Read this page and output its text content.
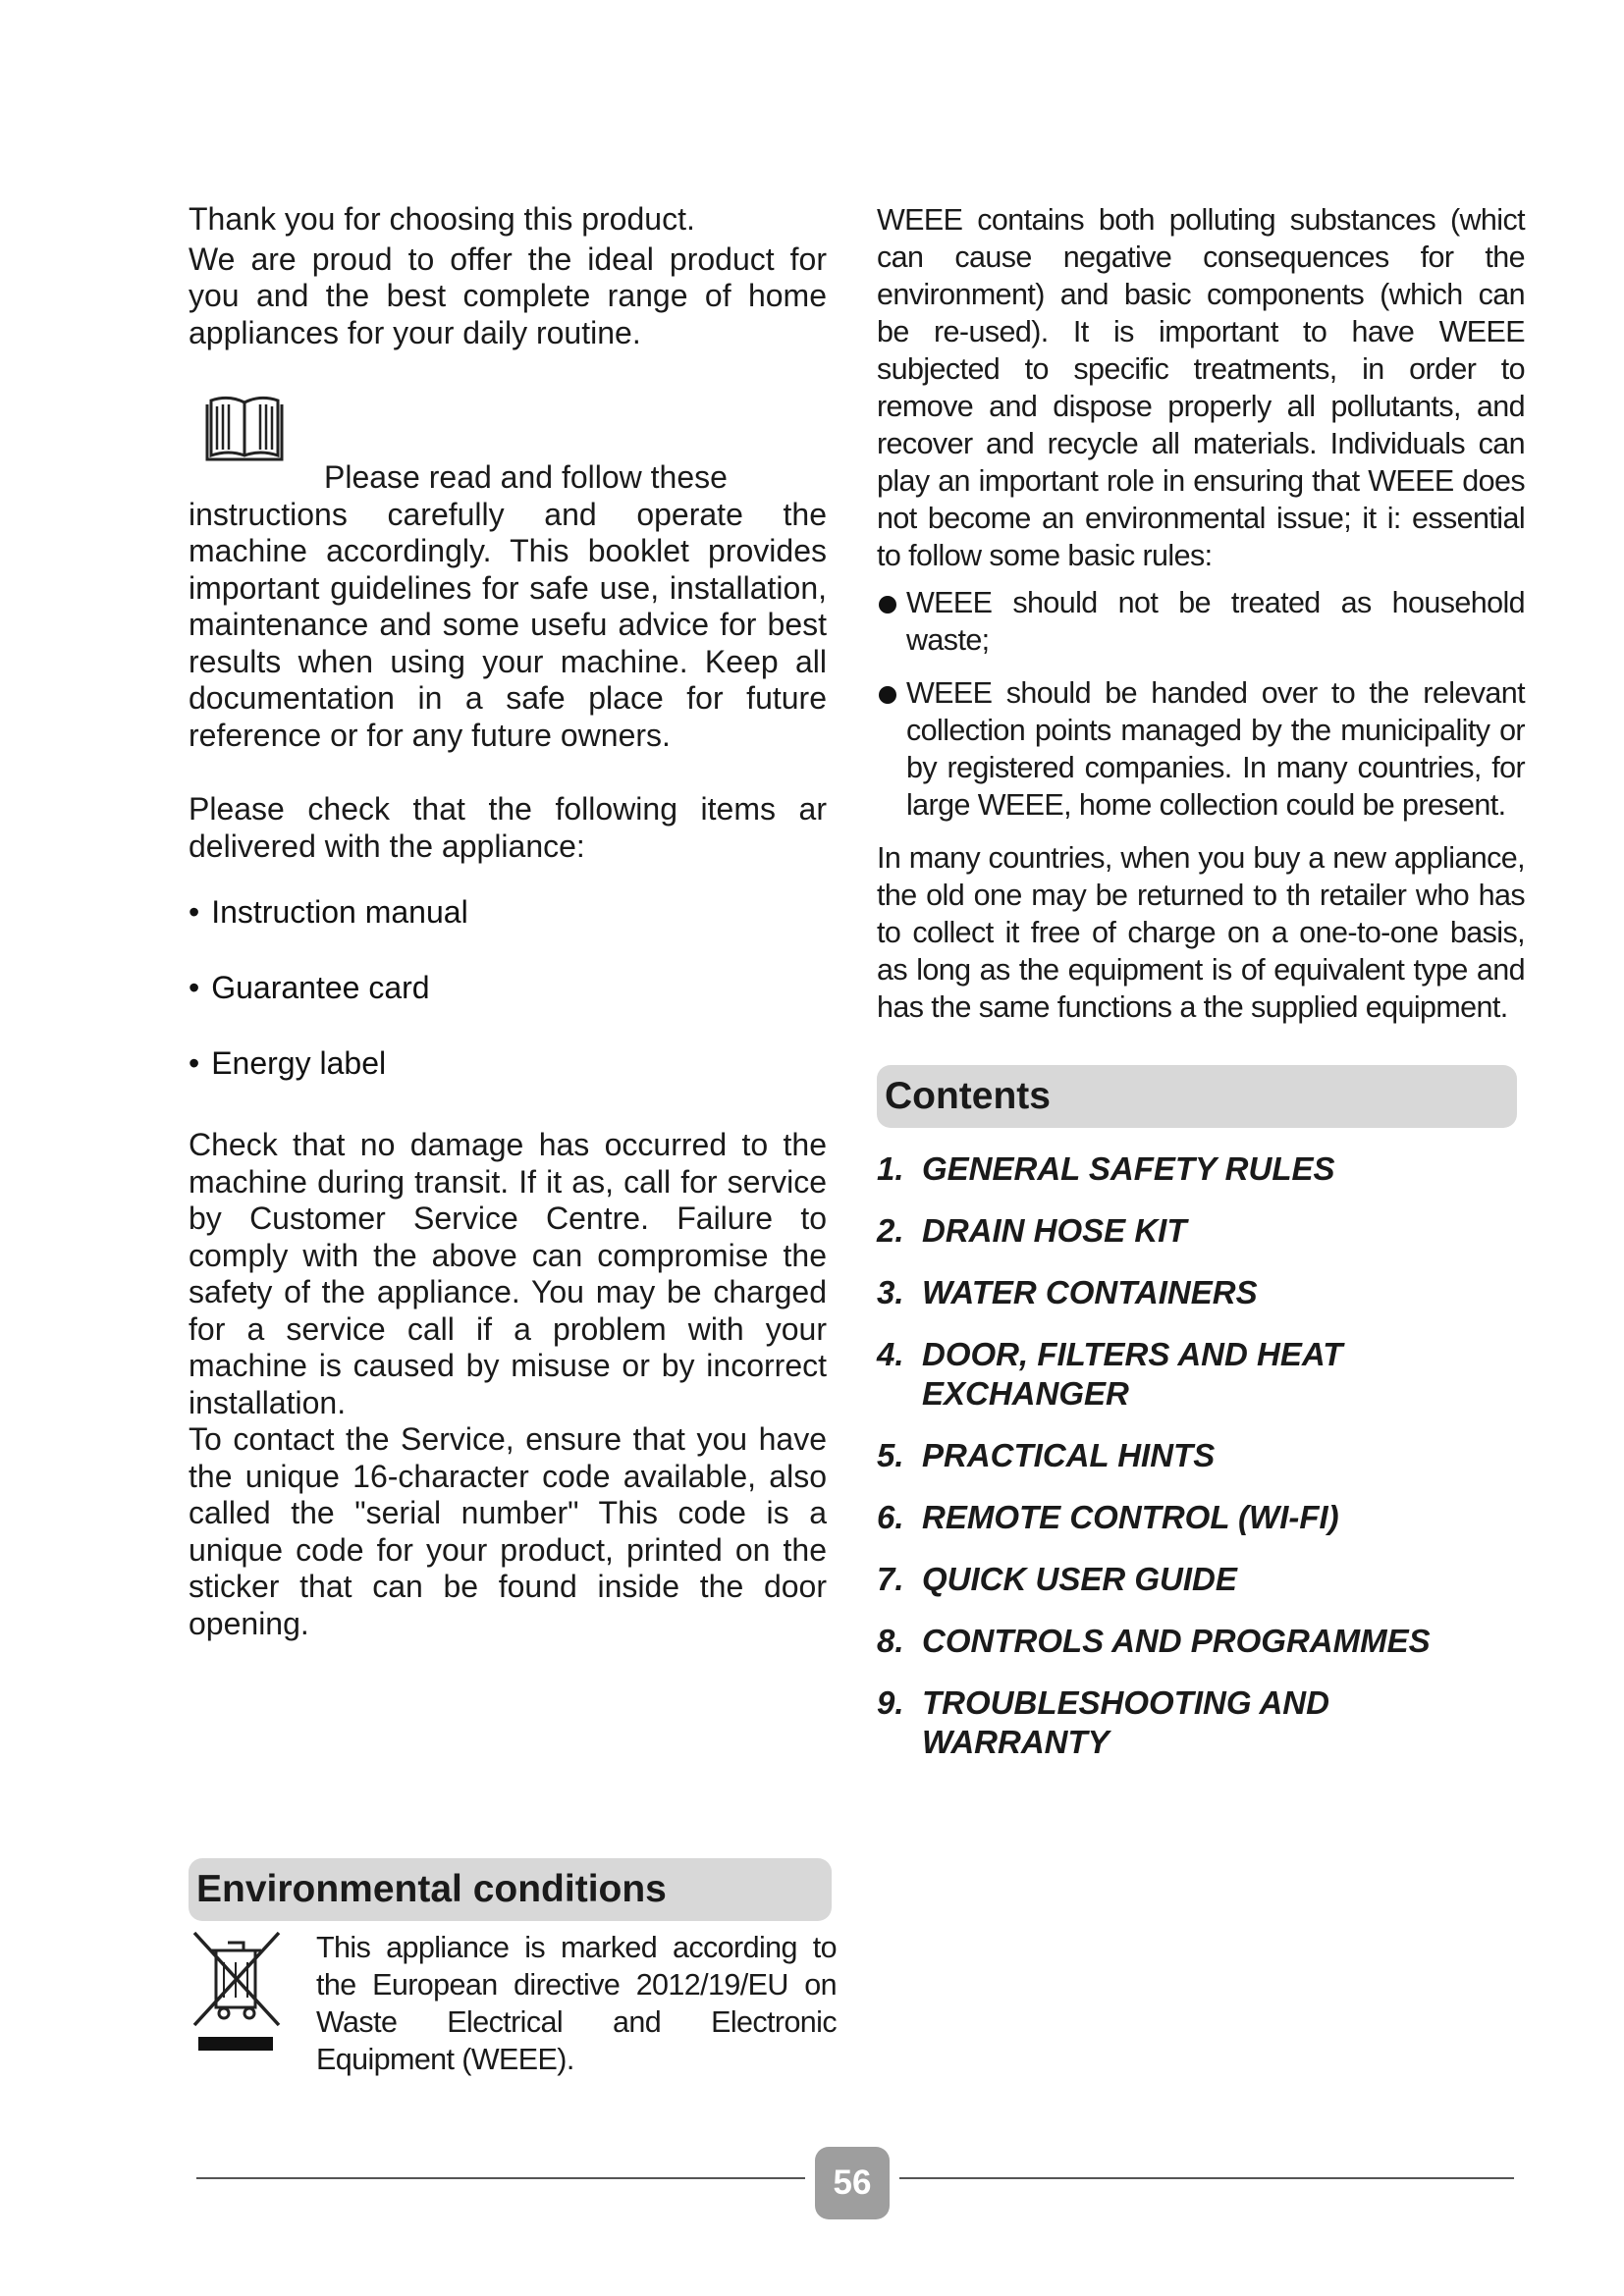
Thank you for choosing this product.

We are proud to offer the ideal product for you and the best complete range of home appliances for your daily routine.

Please read and follow these

instructions carefully and operate the machine accordingly. This booklet provides important guidelines for safe use, installation, maintenance and some usefu advice for best results when using your machine. Keep all documentation in a safe place for future reference or for any future owners.

Please check that the following items ar delivered with the appliance:

• Instruction manual
• Guarantee card
• Energy label

Check that no damage has occurred to the machine during transit. If it as, call for service by Customer Service Centre. Failure to comply with the above can compromise the safety of the appliance. You may be charged for a service call if a problem with your machine is caused by misuse or by incorrect installation.

To contact the Service, ensure that you have the unique 16-character code available, also called the "serial number" This code is a unique code for your product, printed on the sticker that can be found inside the door opening.

Environmental conditions

This appliance is marked according to the European directive 2012/19/EU on Waste Electrical and Electronic Equipment (WEEE).

WEEE contains both polluting substances (whict can cause negative consequences for the environment) and basic components (which can be re-used). It is important to have WEEE subjected to specific treatments, in order to remove and dispose properly all pollutants, and recover and recycle all materials. Individuals can play an important role in ensuring that WEEE does not become an environmental issue; it i: essential to follow some basic rules:

WEEE should not be treated as household waste;
WEEE should be handed over to the relevant collection points managed by the municipality or by registered companies. In many countries, for large WEEE, home collection could be present.

In many countries, when you buy a new appliance, the old one may be returned to th retailer who has to collect it free of charge on a one-to-one basis, as long as the equipment is of equivalent type and has the same functions a the supplied equipment.

Contents
1. GENERAL SAFETY RULES
2. DRAIN HOSE KIT
3. WATER CONTAINERS
4. DOOR, FILTERS AND HEAT EXCHANGER
5. PRACTICAL HINTS
6. REMOTE CONTROL (WI-FI)
7. QUICK USER GUIDE
8. CONTROLS AND PROGRAMMES
9. TROUBLESHOOTING AND WARRANTY
56
